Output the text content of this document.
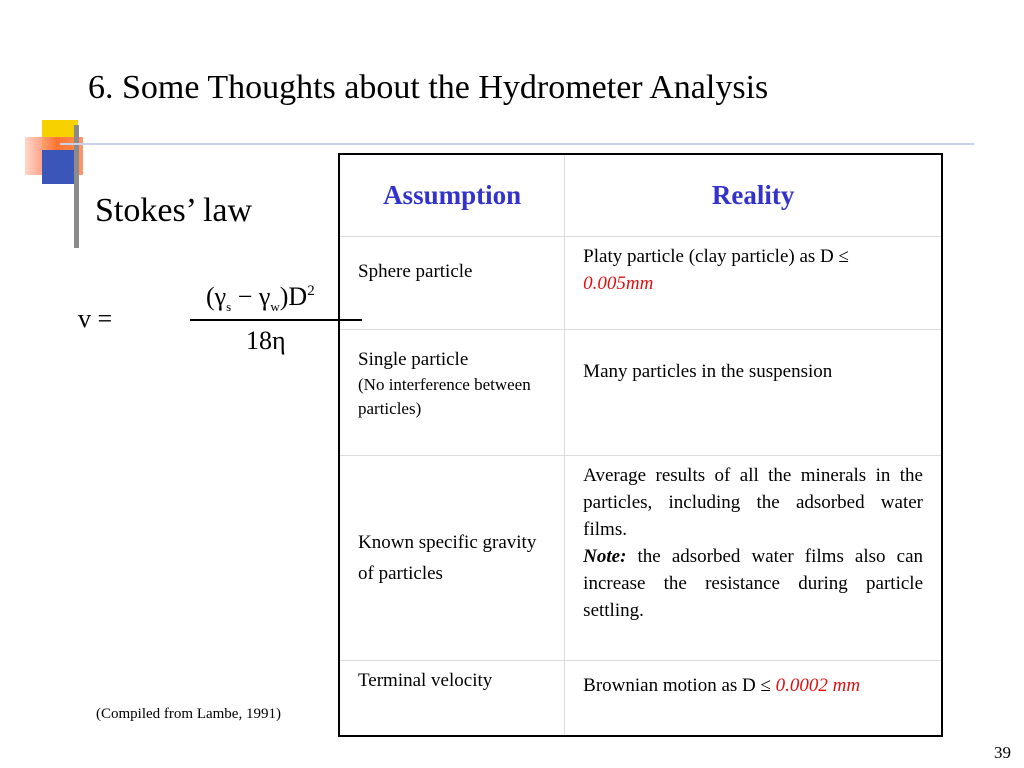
6. Some Thoughts about the Hydrometer Analysis
Stokes’ law
v =
$(\gamma_s - \gamma_w)D^2$
18η
Assumption	Reality
Sphere particle	Platy particle (clay particle) as D ≤ 0.005mm
Single particle
(No interference between particles)	Many particles in the suspension
Known specific gravity of particles	Average results of all the minerals in the particles, including the adsorbed water films.
Note: the adsorbed water films also can increase the resistance during particle settling.
Terminal velocity	Brownian motion as D ≤ 0.0002 mm
(Compiled from Lambe, 1991)
39
